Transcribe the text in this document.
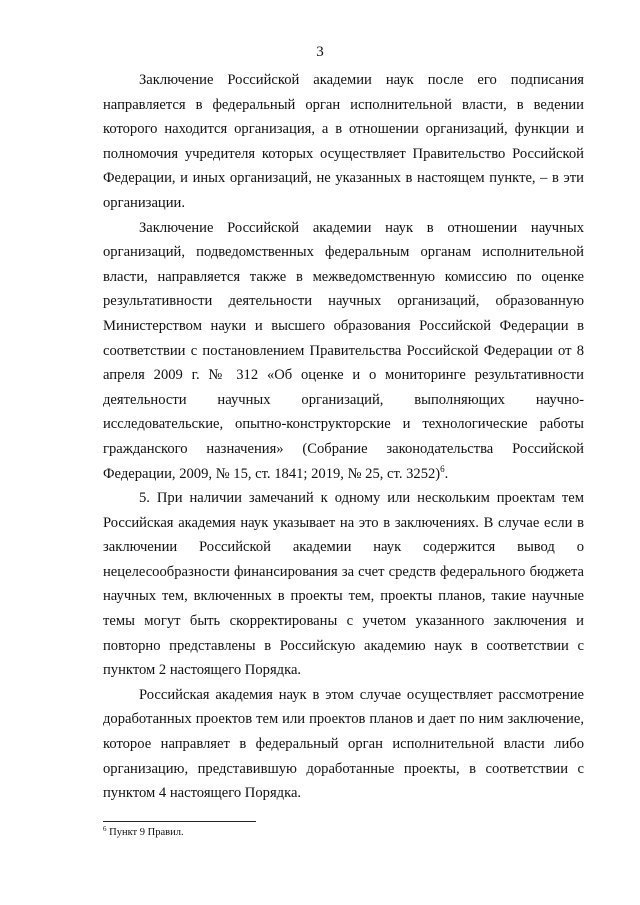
3

Заключение Российской академии наук после его подписания направляется в федеральный орган исполнительной власти, в ведении которого находится организация, а в отношении организаций, функции и полномочия учредителя которых осуществляет Правительство Российской Федерации, и иных организаций, не указанных в настоящем пункте, – в эти организации.

Заключение Российской академии наук в отношении научных организаций, подведомственных федеральным органам исполнительной власти, направляется также в межведомственную комиссию по оценке результативности деятельности научных организаций, образованную Министерством науки и высшего образования Российской Федерации в соответствии с постановлением Правительства Российской Федерации от 8 апреля 2009 г. № 312 «Об оценке и о мониторинге результативности деятельности научных организаций, выполняющих научно-исследовательские, опытно-конструкторские и технологические работы гражданского назначения» (Собрание законодательства Российской Федерации, 2009, № 15, ст. 1841; 2019, № 25, ст. 3252)$^6$.

5. При наличии замечаний к одному или нескольким проектам тем Российская академия наук указывает на это в заключениях. В случае если в заключении Российской академии наук содержится вывод о нецелесообразности финансирования за счет средств федерального бюджета научных тем, включенных в проекты тем, проекты планов, такие научные темы могут быть скорректированы с учетом указанного заключения и повторно представлены в Российскую академию наук в соответствии с пунктом 2 настоящего Порядка.

Российская академия наук в этом случае осуществляет рассмотрение доработанных проектов тем или проектов планов и дает по ним заключение, которое направляет в федеральный орган исполнительной власти либо организацию, представившую доработанные проекты, в соответствии с пунктом 4 настоящего Порядка.

$^6$ Пункт 9 Правил.
